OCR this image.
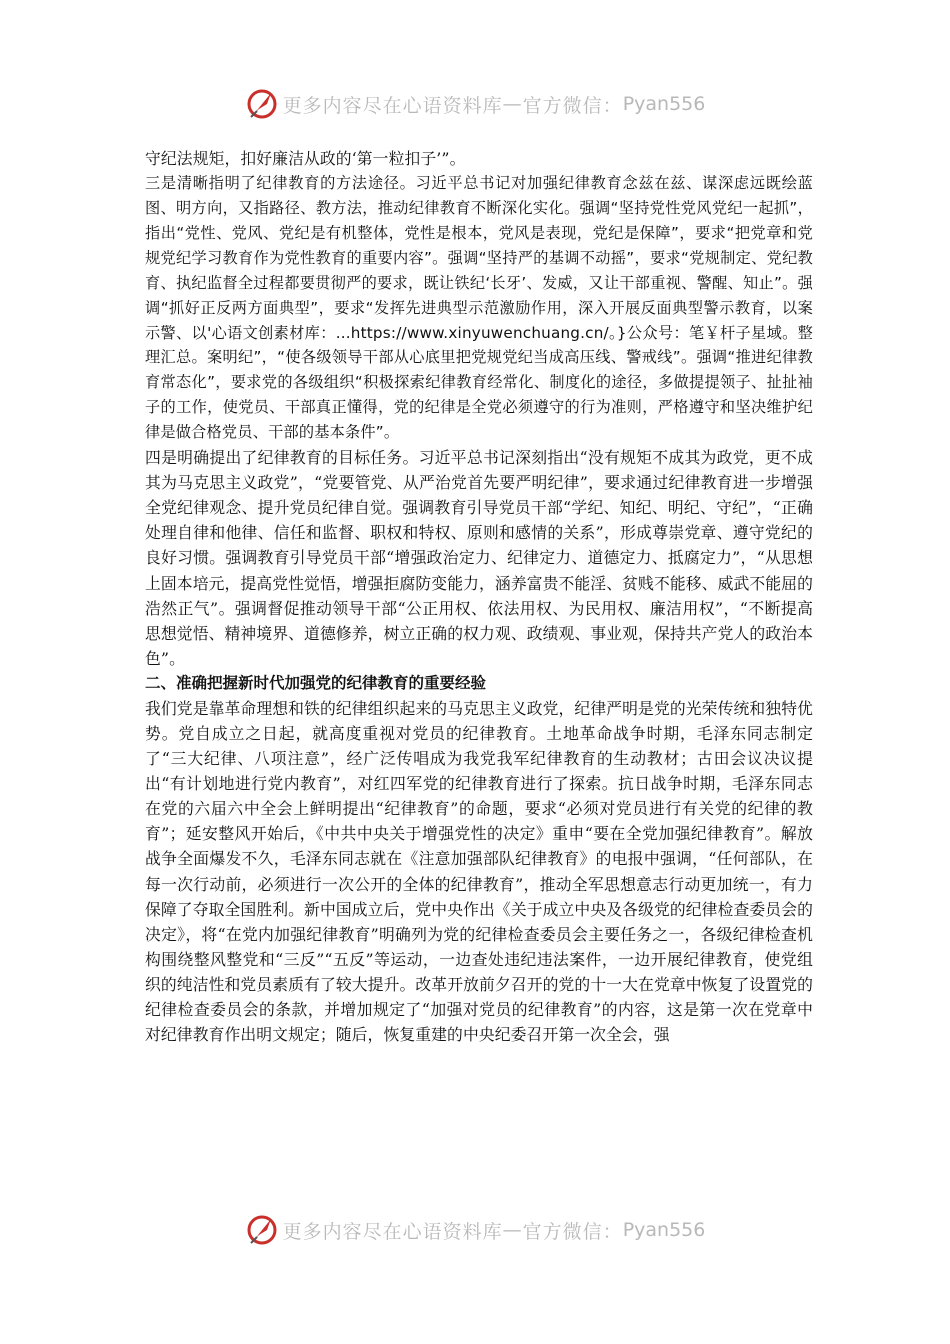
更多内容尽在心语资料库 — 官方微信： Pyan556

守纪法规矩，扣好廉洁从政的‘第一粒扣子’”。

三是清晰指明了纪律教育的方法途径。习近平总书记对加强纪律教育念兹在兹、谋深虑远既绘蓝图、明方向，又指路径、教方法，推动纪律教育不断深化实化。强调“坚持党性党风党纪一起抓”，指出“党性、党风、党纪是有机整体，党性是根本，党风是表现，党纪是保障”，要求“把党章和党规党纪学习教育作为党性教育的重要内容”。强调“坚持严的基调不动摇”，要求“党规制定、党纪教育、执纪监督全过程都要贯彻严的要求，既让铁纪‘长牙’、发威，又让干部重视、警醒、知止”。强调“抓好正反两方面典型”，要求“发挥先进典型示范激励作用，深入开展反面典型警示教育，以案示警、以'心语文创素材库：...https://www.xinyuwenchuang.cn/。}公众号：笔￥杆子星域。整理汇总。案明纪”，“使各级领导干部从心底里把党规党纪当成高压线、警戒线”。强调“推进纪律教育常态化”，要求党的各级组织“积极探索纪律教育经常化、制度化的途径，多做提提领子、扯扯袖子的工作，使党员、干部真正懂得，党的纪律是全党必须遵守的行为准则，严格遵守和坚决维护纪律是做合格党员、干部的基本条件”。

四是明确提出了纪律教育的目标任务。习近平总书记深刻指出“没有规矩不成其为政党，更不成其为马克思主义政党”，“党要管党、从严治党首先要严明纪律”，要求通过纪律教育进一步增强全党纪律观念、提升党员纪律自觉。强调教育引导党员干部“学纪、知纪、明纪、守纪”，“正确处理自律和他律、信任和监督、职权和特权、原则和感情的关系”，形成尊崇党章、遵守党纪的良好习惯。强调教育引导党员干部“增强政治定力、纪律定力、道德定力、抵腐定力”，“从思想上固本培元，提高党性觉悟，增强拒腐防变能力，涵养富贵不能淫、贫贱不能移、威武不能屈的浩然正气”。强调督促推动领导干部“公正用权、依法用权、为民用权、廉洁用权”，“不断提高思想觉悟、精神境界、道德修养，树立正确的权力观、政绩观、事业观，保持共产党人的政治本色”。

二、准确把握新时代加强党的纪律教育的重要经验

我们党是靠革命理想和铁的纪律组织起来的马克思主义政党，纪律严明是党的光荣传统和独特优势。党自成立之日起，就高度重视对党员的纪律教育。土地革命战争时期，毛泽东同志制定了“三大纪律、八项注意”，经广泛传唱成为我党我军纪律教育的生动教材；古田会议决议提出“有计划地进行党内教育”，对红四军党的纪律教育进行了探索。抗日战争时期，毛泽东同志在党的六届六中全会上鲜明提出“纪律教育”的命题，要求“必须对党员进行有关党的纪律的教育”；延安整风开始后，《中共中央关于增强党性的决定》重申“要在全党加强纪律教育”。解放战争全面爆发不久，毛泽东同志就在《注意加强部队纪律教育》的电报中强调，“任何部队，在每一次行动前，必须进行一次公开的全体的纪律教育”，推动全军思想意志行动更加统一，有力保障了夺取全国胜利。新中国成立后，党中央作出《关于成立中央及各级党的纪律检查委员会的决定》，将“在党内加强纪律教育”明确列为党的纪律检查委员会主要任务之一，各级纪律检查机构围绕整风整党和“三反”“五反”等运动，一边查处违纪违法案件，一边开展纪律教育，使党组织的纯洁性和党员素质有了较大提升。改革开放前夕召开的党的十一大在党章中恢复了设置党的纪律检查委员会的条款，并增加规定了“加强对党员的纪律教育”的内容，这是第一次在党章中对纪律教育作出明文规定；随后，恢复重建的中央纪委召开第一次全会，强

更多内容尽在心语资料库 — 官方微信： Pyan556
